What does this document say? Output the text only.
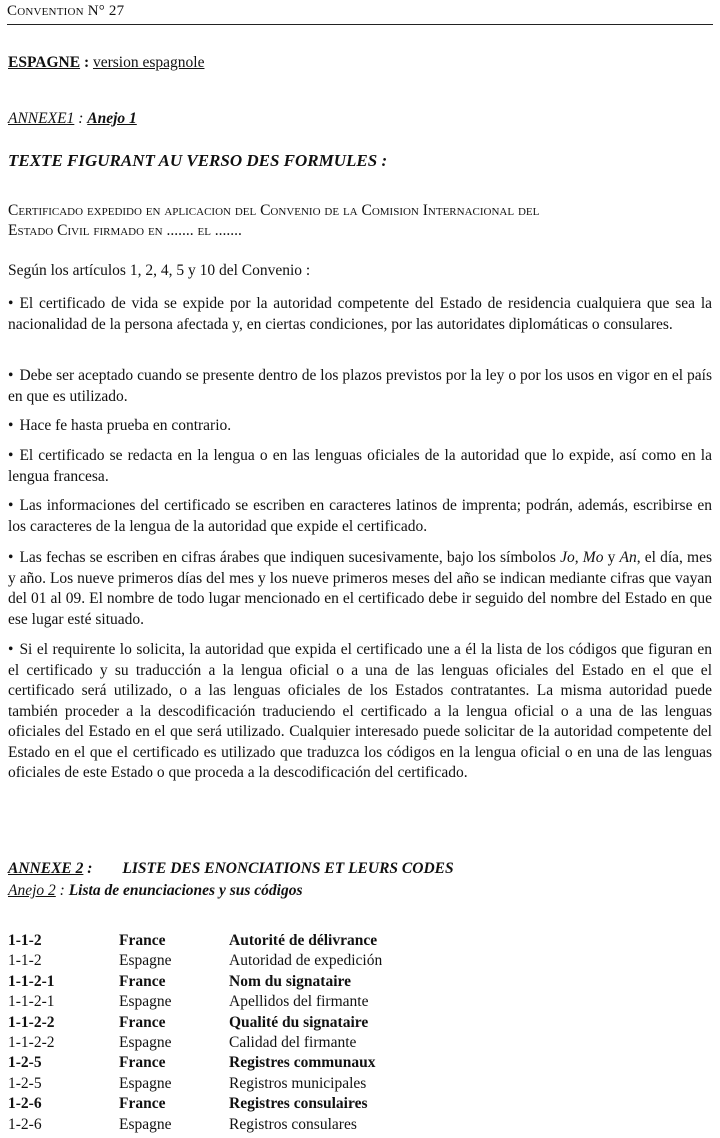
Convention N° 27
ESPAGNE : version espagnole
ANNEXE1 : Anejo 1
TEXTE FIGURANT AU VERSO DES FORMULES :
Certificado expedido en aplicacion del Convenio de la Comision Internacional del
Estado Civil firmado en ....... el .......
Según los artículos 1, 2, 4, 5 y 10 del Convenio :
• El certificado de vida se expide por la autoridad competente del Estado de residencia cualquiera que sea la nacionalidad de la persona afectada y, en ciertas condiciones, por las autoridates diplomáticas o consulares.
• Debe ser aceptado cuando se presente dentro de los plazos previstos por la ley o por los usos en vigor en el país en que es utilizado.
• Hace fe hasta prueba en contrario.
• El certificado se redacta en la lengua o en las lenguas oficiales de la autoridad que lo expide, así como en la lengua francesa.
• Las informaciones del certificado se escriben en caracteres latinos de imprenta; podrán, además, escribirse en los caracteres de la lengua de la autoridad que expide el certificado.
• Las fechas se escriben en cifras árabes que indiquen sucesivamente, bajo los símbolos Jo, Mo y An, el día, mes y año. Los nueve primeros días del mes y los nueve primeros meses del año se indican mediante cifras que vayan del 01 al 09. El nombre de todo lugar mencionado en el certificado debe ir seguido del nombre del Estado en que ese lugar esté situado.
• Si el requirente lo solicita, la autoridad que expida el certificado une a él la lista de los códigos que figuran en el certificado y su traducción a la lengua oficial o a una de las lenguas oficiales del Estado en el que el certificado será utilizado, o a las lenguas oficiales de los Estados contratantes. La misma autoridad puede también proceder a la descodificación traduciendo el certificado a la lengua oficial o a una de las lenguas oficiales del Estado en el que será utilizado. Cualquier interesado puede solicitar de la autoridad competente del Estado en el que el certificado es utilizado que traduzca los códigos en la lengua oficial o en una de las lenguas oficiales de este Estado o que proceda a la descodificación del certificado.
ANNEXE 2 : LISTE DES ENONCIATIONS ET LEURS CODES
Anejo 2 : Lista de enunciaciones y sus códigos
1-1-2	France	Autorité de délivrance
1-1-2	Espagne	Autoridad de expedición
1-1-2-1	France	Nom du signataire
1-1-2-1	Espagne	Apellidos del firmante
1-1-2-2	France	Qualité du signataire
1-1-2-2	Espagne	Calidad del firmante
1-2-5	France	Registres communaux
1-2-5	Espagne	Registros municipales
1-2-6	France	Registres consulaires
1-2-6	Espagne	Registros consulares
